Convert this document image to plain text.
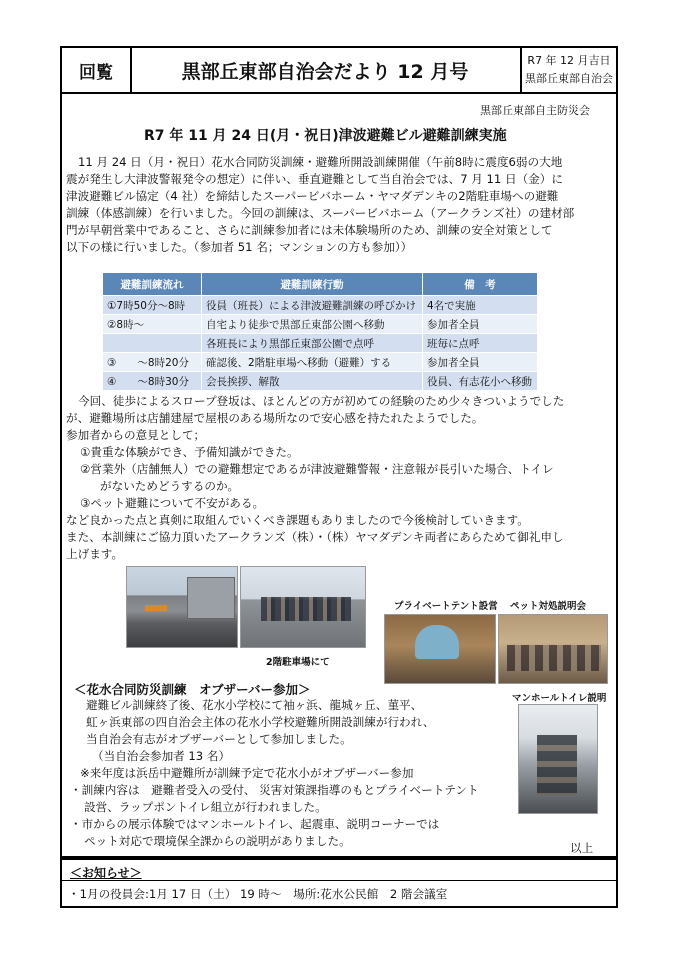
回覧	黒部丘東部自治会だより 12 月号	R7 年 12 月吉日
黒部丘東部自治会
黒部丘東部自主防災会
R7 年 11 月 24 日(月・祝日)津波避難ビル避難訓練実施
11 月 24 日（月・祝日）花水合同防災訓練・避難所開設訓練開催（午前8時に震度6弱の大地
震が発生し大津波警報発令の想定）に伴い、垂直避難として当自治会では、7 月 11 日（金）に
津波避難ビル協定（4 社）を締結したスーパービバホーム・ヤマダデンキの2階駐車場への避難
訓練（体感訓練）を行いました。今回の訓練は、スーパービバホーム（アークランズ社）の建材部
門が早朝営業中であること、さらに訓練参加者には未体験場所のため、訓練の安全対策として
以下の様に行いました。（参加者 51 名；マンションの方も参加））
避難訓練流れ	避難訓練行動	備　考
①7時50分～8時	役員（班長）による津波避難訓練の呼びかけ	4名で実施
②8時～	自宅より徒歩で黒部丘東部公園へ移動	参加者全員
	各班長により黒部丘東部公園で点呼	班毎に点呼
③　　～8時20分	確認後、2階駐車場へ移動（避難）する	参加者全員
④　　～8時30分	会長挨拶、解散	役員、有志花小へ移動
今回、徒歩によるスロープ登坂は、ほとんどの方が初めての経験のため少々きついようでした
が、避難場所は店舗建屋で屋根のある場所なので安心感を持たれたようでした。
参加者からの意見として；
①貴重な体験ができ、予備知識ができた。
②営業外（店舗無人）での避難想定であるが津波避難警報・注意報が長引いた場合、トイレ
がないためどうするのか。
③ペット避難について不安がある。
など良かった点と真剣に取組んでいくべき課題もありましたので今後検討していきます。
また、本訓練にご協力頂いたアークランズ（株）・（株）ヤマダデンキ両者にあらためて御礼申し
上げます。
2階駐車場にて
プライベートテント設営 ペット対処説明会
マンホールトイレ説明
＜花水合同防災訓練　オブザーバー参加＞
避難ビル訓練終了後、花水小学校にて袖ヶ浜、龍城ヶ丘、菫平、
虹ヶ浜東部の四自治会主体の花水小学校避難所開設訓練が行われ、
当自治会有志がオブザーバーとして参加しました。
（当自治会参加者 13 名）
※来年度は浜岳中避難所が訓練予定で花水小がオブザーバー参加
・訓練内容は　避難者受入の受付、 災害対策課指導のもとプライベートテント
設営、ラップポントイレ組立が行われました。
・市からの展示体験ではマンホールトイレ、起震車、説明コーナーでは
ペット対応で環境保全課からの説明がありました。	以上
＜お知らせ＞
・1月の役員会:1月 17 日（土） 19 時～　場所:花水公民館　2 階会議室
